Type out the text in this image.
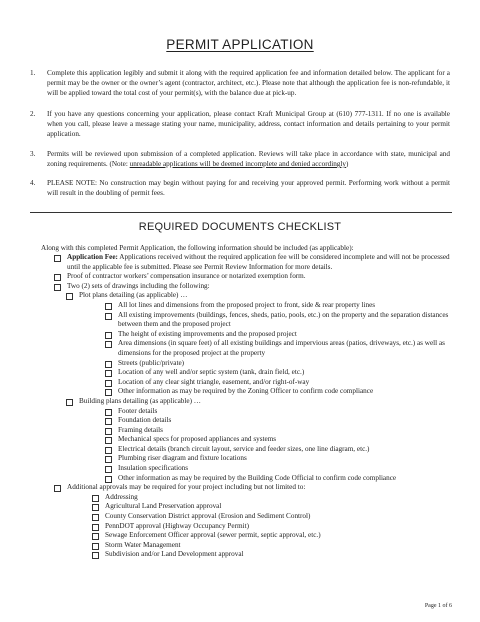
PERMIT APPLICATION
1. Complete this application legibly and submit it along with the required application fee and information detailed below. The applicant for a permit may be the owner or the owner’s agent (contractor, architect, etc.). Please note that although the application fee is non-refundable, it will be applied toward the total cost of your permit(s), with the balance due at pick-up.
2. If you have any questions concerning your application, please contact Kraft Municipal Group at (610) 777-1311. If no one is available when you call, please leave a message stating your name, municipality, address, contact information and details pertaining to your permit application.
3. Permits will be reviewed upon submission of a completed application. Reviews will take place in accordance with state, municipal and zoning requirements. (Note: unreadable applications will be deemed incomplete and denied accordingly)
4. PLEASE NOTE: No construction may begin without paying for and receiving your approved permit. Performing work without a permit will result in the doubling of permit fees.
REQUIRED DOCUMENTS CHECKLIST
Along with this completed Permit Application, the following information should be included (as applicable):
Application Fee: Applications received without the required application fee will be considered incomplete and will not be processed until the applicable fee is submitted. Please see Permit Review Information for more details.
Proof of contractor workers’ compensation insurance or notarized exemption form.
Two (2) sets of drawings including the following:
Plot plans detailing (as applicable) …
All lot lines and dimensions from the proposed project to front, side & rear property lines
All existing improvements (buildings, fences, sheds, patio, pools, etc.) on the property and the separation distances between them and the proposed project
The height of existing improvements and the proposed project
Area dimensions (in square feet) of all existing buildings and impervious areas (patios, driveways, etc.) as well as dimensions for the proposed project at the property
Streets (public/private)
Location of any well and/or septic system (tank, drain field, etc.)
Location of any clear sight triangle, easement, and/or right-of-way
Other information as may be required by the Zoning Officer to confirm code compliance
Building plans detailing (as applicable) …
Footer details
Foundation details
Framing details
Mechanical specs for proposed appliances and systems
Electrical details (branch circuit layout, service and feeder sizes, one line diagram, etc.)
Plumbing riser diagram and fixture locations
Insulation specifications
Other information as may be required by the Building Code Official to confirm code compliance
Additional approvals may be required for your project including but not limited to:
Addressing
Agricultural Land Preservation approval
County Conservation District approval (Erosion and Sediment Control)
PennDOT approval (Highway Occupancy Permit)
Sewage Enforcement Officer approval (sewer permit, septic approval, etc.)
Storm Water Management
Subdivision and/or Land Development approval
Page 1 of 6
